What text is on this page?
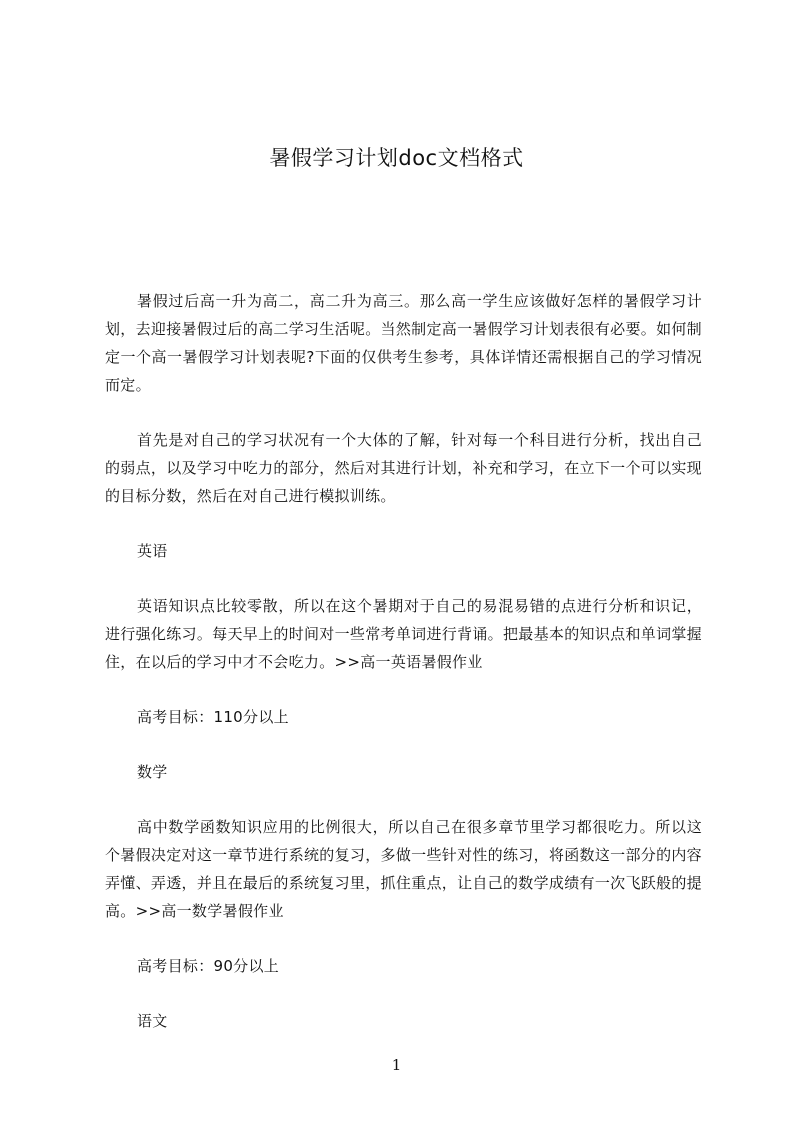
暑假学习计划doc文档格式

暑假过后高一升为高二，高二升为高三。那么高一学生应该做好怎样的暑假学习计划，去迎接暑假过后的高二学习生活呢。当然制定高一暑假学习计划表很有必要。如何制定一个高一暑假学习计划表呢?下面的仅供考生参考，具体详情还需根据自己的学习情况而定。

首先是对自己的学习状况有一个大体的了解，针对每一个科目进行分析，找出自己的弱点，以及学习中吃力的部分，然后对其进行计划，补充和学习，在立下一个可以实现的目标分数，然后在对自己进行模拟训练。

英语

英语知识点比较零散，所以在这个暑期对于自己的易混易错的点进行分析和识记，进行强化练习。每天早上的时间对一些常考单词进行背诵。把最基本的知识点和单词掌握住，在以后的学习中才不会吃力。>>高一英语暑假作业

高考目标：110分以上
数学

高中数学函数知识应用的比例很大，所以自己在很多章节里学习都很吃力。所以这个暑假决定对这一章节进行系统的复习，多做一些针对性的练习，将函数这一部分的内容弄懂、弄透，并且在最后的系统复习里，抓住重点，让自己的数学成绩有一次飞跃般的提高。>>高一数学暑假作业

高考目标：90分以上
语文
1
